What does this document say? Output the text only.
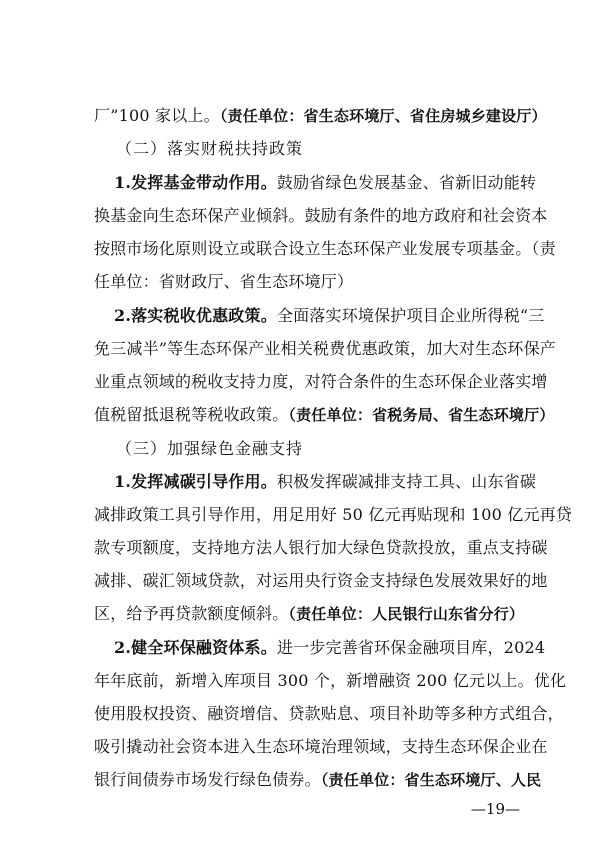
厂”100 家以上。（责任单位：省生态环境厅、省住房城乡建设厅）
（二）落实财税扶持政策
1.发挥基金带动作用。鼓励省绿色发展基金、省新旧动能转
换基金向生态环保产业倾斜。鼓励有条件的地方政府和社会资本
按照市场化原则设立或联合设立生态环保产业发展专项基金。（责
任单位：省财政厅、省生态环境厅）
2.落实税收优惠政策。全面落实环境保护项目企业所得税“三
免三减半”等生态环保产业相关税费优惠政策，加大对生态环保产
业重点领域的税收支持力度，对符合条件的生态环保企业落实增
值税留抵退税等税收政策。（责任单位：省税务局、省生态环境厅）
（三）加强绿色金融支持
1.发挥减碳引导作用。积极发挥碳减排支持工具、山东省碳
减排政策工具引导作用，用足用好 50 亿元再贴现和 100 亿元再贷
款专项额度，支持地方法人银行加大绿色贷款投放，重点支持碳
减排、碳汇领域贷款，对运用央行资金支持绿色发展效果好的地
区，给予再贷款额度倾斜。（责任单位：人民银行山东省分行）
2.健全环保融资体系。进一步完善省环保金融项目库，2024
年年底前，新增入库项目 300 个，新增融资 200 亿元以上。优化
使用股权投资、融资增信、贷款贴息、项目补助等多种方式组合，
吸引撬动社会资本进入生态环境治理领域，支持生态环保企业在
银行间债券市场发行绿色债券。（责任单位：省生态环境厅、人民
—19—
